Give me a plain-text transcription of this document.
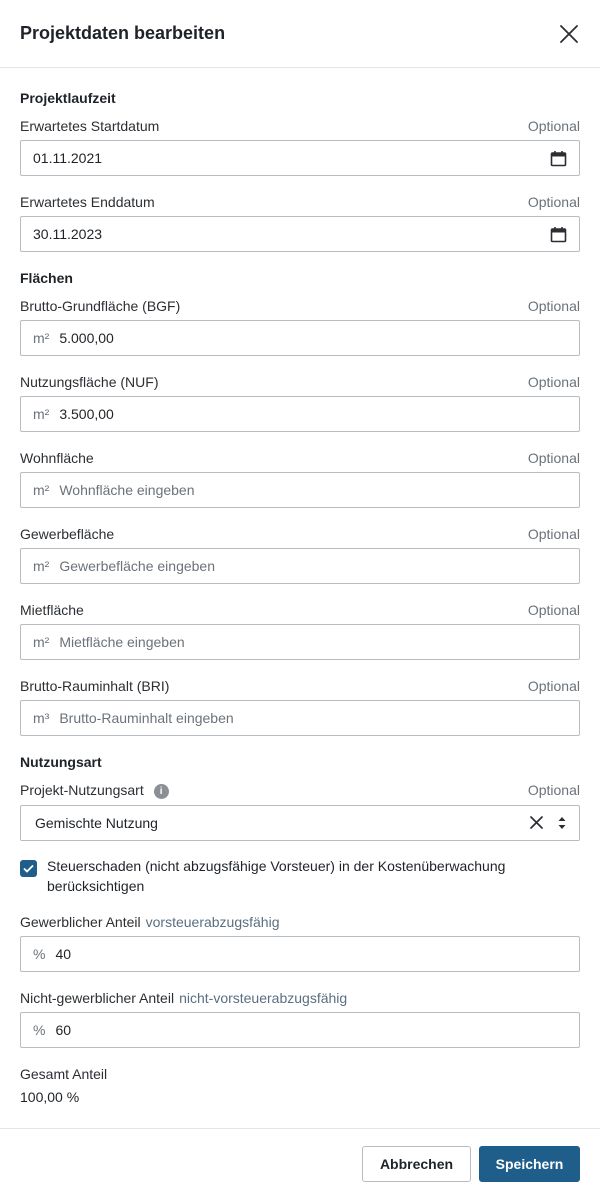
Projektdaten bearbeiten
Projektlaufzeit
Erwartetes Startdatum	Optional
01.11.2021
Erwartetes Enddatum	Optional
30.11.2023
Flächen
Brutto-Grundfläche (BGF)	Optional
m² 5.000,00
Nutzungsfläche (NUF)	Optional
m² 3.500,00
Wohnfläche	Optional
m² Wohnfläche eingeben
Gewerbefläche	Optional
m² Gewerbefläche eingeben
Mietfläche	Optional
m² Mietfläche eingeben
Brutto-Rauminhalt (BRI)	Optional
m³ Brutto-Rauminhalt eingeben
Nutzungsart
Projekt-Nutzungsart i	Optional
Gemischte Nutzung
Steuerschaden (nicht abzugsfähige Vorsteuer) in der Kostenüberwachung berücksichtigen
Gewerblicher Anteil vorsteuerabzugsfähig
% 40
Nicht-gewerblicher Anteil nicht-vorsteuerabzugsfähig
% 60
Gesamt Anteil
100,00 %
Abbrechen	Speichern
